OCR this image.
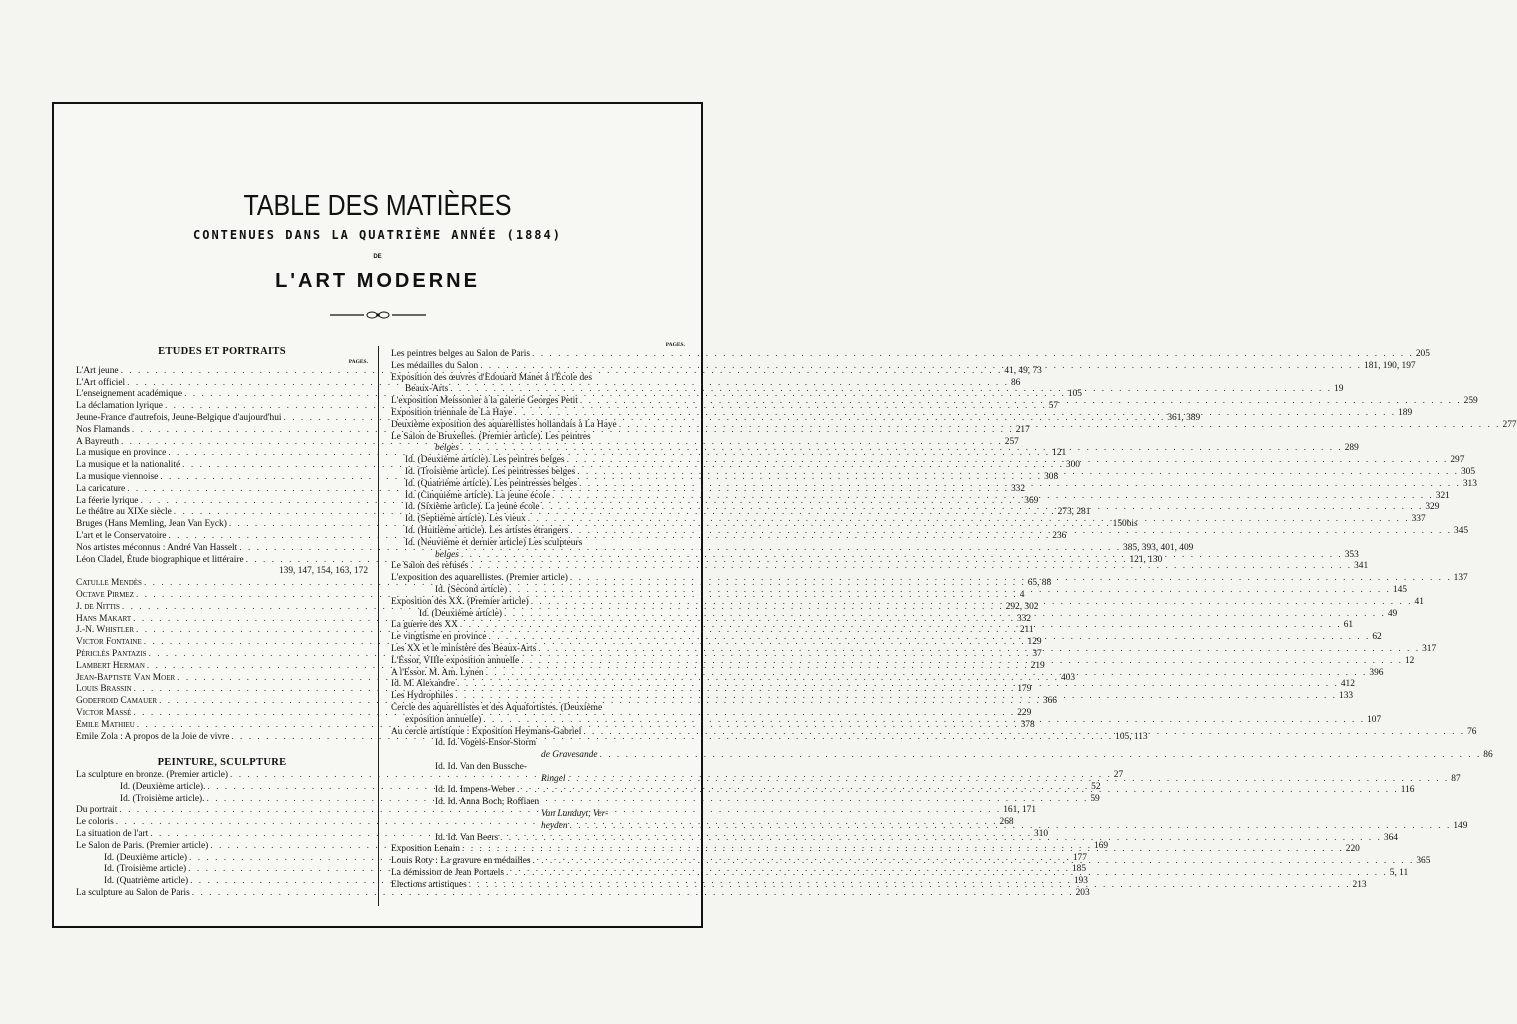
TABLE DES MATIÈRES
CONTENUES DANS LA QUATRIÈME ANNÉE (1884)
DE
L'ART MODERNE
ETUDES ET PORTRAITS
PAGES.
L'Art jeune . . .	41, 49, 73
L'Art officiel . . .	86
L'enseignement académique . . .	105
La déclamation lyrique . . .	57
Jeune-France d'autrefois, Jeune-Belgique d'aujourd'hui . . .	361, 389
Nos Flamands . . .	217
A Bayreuth . . .	257
La musique en province . . .	121
La musique et la nationalité . . .	300
La musique viennoise . . .	308
La caricature . . .	332
La féerie lyrique . . .	369
Le théâtre au XIXe siècle . . .	273, 281
Bruges (Hans Memling, Jean Van Eyck) . . .	150bis
L'art et le Conservatoire . . .	236
Nos artistes méconnus : André Van Hasselt . . .	385, 393, 401, 409
Léon Cladel, Étude biographique et littéraire . . .	121, 130
139, 147, 154, 163, 172
Catulle Mendès . . .	65, 88
Octave Pirmez . . .	4
J. de Nittis . . .	292, 302
Hans Makart . . .	332
J.-N. Whistler . . .	211
Victor Fontaine . . .	129
Périclès Pantazis . . .	37
Lambert Herman . . .	219
Jean-Baptiste Van Moer . . .	403
Louis Brassin . . .	179
Godefroid Camauer . . .	366
Victor Massé . . .	229
Emile Mathieu . . .	378
Emile Zola : A propos de la Joie de vivre . . .	105, 113
PEINTURE, SCULPTURE
La sculpture en bronze. (Premier article) . . .	27
Id. (Deuxième article). . . .	52
Id. (Troisième article). . . .	59
Du portrait . . .	161, 171
Le coloris . . .	268
La situation de l'art . . .	310
Le Salon de Paris. (Premier article) . . .	169
Id. (Deuxième article) . . .	177
Id. (Troisième article) . . .	185
Id. (Quatrième article) . . .	193
La sculpture au Salon de Paris . . .	203
PAGES.
Les peintres belges au Salon de Paris . . .	205
Les médailles du Salon . . .	181, 190, 197
Exposition des œuvres d'Edouard Manet à l'École des
Beaux-Arts . . .	19
L'exposition Meissonier à la galerie Georges Petit . . .	259
Exposition triennale de La Haye . . .	189
Deuxième exposition des aquarellistes hollandais à La Haye . . .	277
Le Salon de Bruxelles. (Premier article). Les peintres
belges . . .	289
Id. (Deuxième article). Les peintres belges . . .	297
Id. (Troisième article). Les peintresses belges . . .	305
Id. (Quatrième article). Les peintresses belges . . .	313
Id. (Cinquième article). La jeune école . . .	321
Id. (Sixième article). La jeune école . . .	329
Id. (Septième article). Les vieux . . .	337
Id. (Huitième article). Les artistes étrangers . . .	345
Id. (Neuvième et dernier article) Les sculpteurs
belges . . .	353
Le Salon des refusés . . .	341
L'exposition des aquarellistes. (Premier article) . . .	137
Id. (Second article) . . .	145
Exposition des XX. (Premier article) . . .	41
Id. (Deuxième article) . . .	49
La guerre des XX . . .	61
Le vingtisme en province . . .	62
Les XX et le ministère des Beaux-Arts . . .	317
L'Essor, VIIIe exposition annuelle . . .	12
A l'Essor. M. Am. Lynen . . .	396
Id. M. Alexandre . . .	412
Les Hydrophiles . . .	133
Cercle des aquarellistes et des Aquafortistes. (Deuxième
exposition annuelle) . . .	107
Au cercle artistique : Exposition Heymans-Gabriel . . .	76
Id. Id. Vogels-Ensor-Storm
de Gravesande . . .	86
Id. Id. Van den Bussche-
Ringel . . .	87
Id. Id. Impens-Weber . . .	116
Id. Id. Anna Boch, Roffiaen
Van Landuyt, Ver-
heyden . . .	149
Id. Id. Van Beers . . .	364
Exposition Lenain . . .	220
Louis Roty : La gravure en médailles . . .	365
La démission de Jean Portaels . . .	5, 11
Elections artistiques . . .	213
